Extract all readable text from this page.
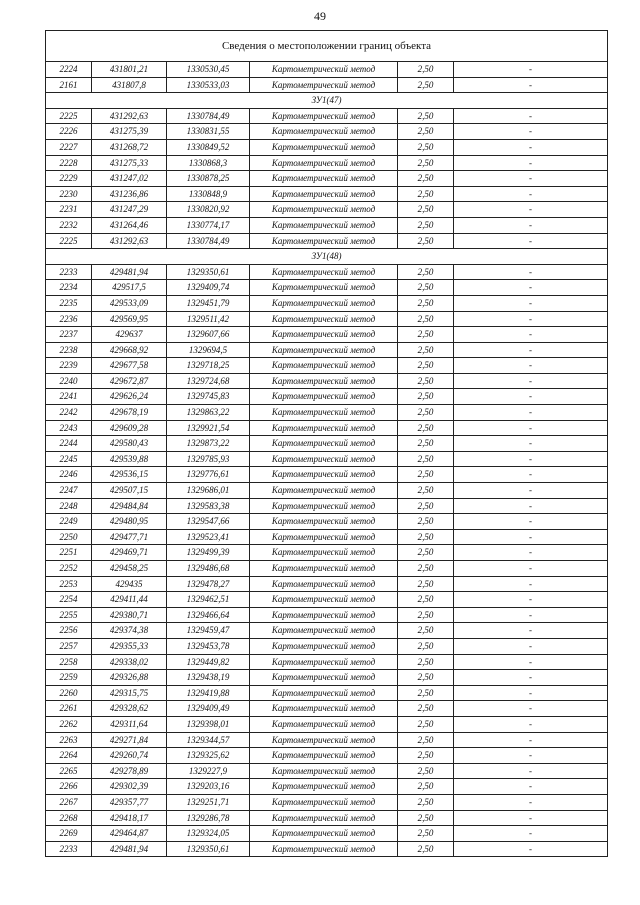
49
Сведения о местоположении границ объекта					
2224	431801,21	1330530,45	Картометрический метод	2,50	-
2161	431807,8	1330533,03	Картометрический метод	2,50	-
ЗУ1(47)					
2225	431292,63	1330784,49	Картометрический метод	2,50	-
2226	431275,39	1330831,55	Картометрический метод	2,50	-
2227	431268,72	1330849,52	Картометрический метод	2,50	-
2228	431275,33	1330868,3	Картометрический метод	2,50	-
2229	431247,02	1330878,25	Картометрический метод	2,50	-
2230	431236,86	1330848,9	Картометрический метод	2,50	-
2231	431247,29	1330820,92	Картометрический метод	2,50	-
2232	431264,46	1330774,17	Картометрический метод	2,50	-
2225	431292,63	1330784,49	Картометрический метод	2,50	-
ЗУ1(48)					
2233	429481,94	1329350,61	Картометрический метод	2,50	-
2234	429517,5	1329409,74	Картометрический метод	2,50	-
2235	429533,09	1329451,79	Картометрический метод	2,50	-
2236	429569,95	1329511,42	Картометрический метод	2,50	-
2237	429637	1329607,66	Картометрический метод	2,50	-
2238	429668,92	1329694,5	Картометрический метод	2,50	-
2239	429677,58	1329718,25	Картометрический метод	2,50	-
2240	429672,87	1329724,68	Картометрический метод	2,50	-
2241	429626,24	1329745,83	Картометрический метод	2,50	-
2242	429678,19	1329863,22	Картометрический метод	2,50	-
2243	429609,28	1329921,54	Картометрический метод	2,50	-
2244	429580,43	1329873,22	Картометрический метод	2,50	-
2245	429539,88	1329785,93	Картометрический метод	2,50	-
2246	429536,15	1329776,61	Картометрический метод	2,50	-
2247	429507,15	1329686,01	Картометрический метод	2,50	-
2248	429484,84	1329583,38	Картометрический метод	2,50	-
2249	429480,95	1329547,66	Картометрический метод	2,50	-
2250	429477,71	1329523,41	Картометрический метод	2,50	-
2251	429469,71	1329499,39	Картометрический метод	2,50	-
2252	429458,25	1329486,68	Картометрический метод	2,50	-
2253	429435	1329478,27	Картометрический метод	2,50	-
2254	429411,44	1329462,51	Картометрический метод	2,50	-
2255	429380,71	1329466,64	Картометрический метод	2,50	-
2256	429374,38	1329459,47	Картометрический метод	2,50	-
2257	429355,33	1329453,78	Картометрический метод	2,50	-
2258	429338,02	1329449,82	Картометрический метод	2,50	-
2259	429326,88	1329438,19	Картометрический метод	2,50	-
2260	429315,75	1329419,88	Картометрический метод	2,50	-
2261	429328,62	1329409,49	Картометрический метод	2,50	-
2262	429311,64	1329398,01	Картометрический метод	2,50	-
2263	429271,84	1329344,57	Картометрический метод	2,50	-
2264	429260,74	1329325,62	Картометрический метод	2,50	-
2265	429278,89	1329227,9	Картометрический метод	2,50	-
2266	429302,39	1329203,16	Картометрический метод	2,50	-
2267	429357,77	1329251,71	Картометрический метод	2,50	-
2268	429418,17	1329286,78	Картометрический метод	2,50	-
2269	429464,87	1329324,05	Картометрический метод	2,50	-
2233	429481,94	1329350,61	Картометрический метод	2,50	-
